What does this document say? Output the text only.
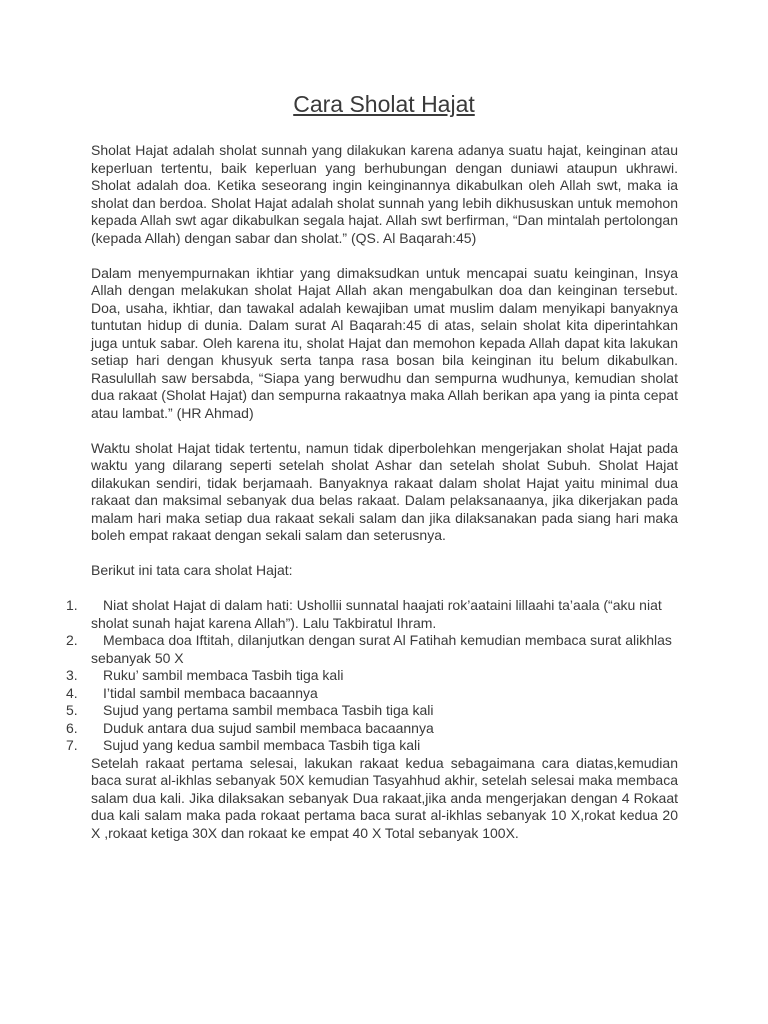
Cara Sholat Hajat

Sholat Hajat adalah sholat sunnah yang dilakukan karena adanya suatu hajat, keinginan atau keperluan tertentu, baik keperluan yang berhubungan dengan duniawi ataupun ukhrawi. Sholat adalah doa. Ketika seseorang ingin keinginannya dikabulkan oleh Allah swt, maka ia sholat dan berdoa. Sholat Hajat adalah sholat sunnah yang lebih dikhususkan untuk memohon kepada Allah swt agar dikabulkan segala hajat. Allah swt berfirman, “Dan mintalah pertolongan (kepada Allah) dengan sabar dan sholat.” (QS. Al Baqarah:45)

Dalam menyempurnakan ikhtiar yang dimaksudkan untuk mencapai suatu keinginan, Insya Allah dengan melakukan sholat Hajat Allah akan mengabulkan doa dan keinginan tersebut. Doa, usaha, ikhtiar, dan tawakal adalah kewajiban umat muslim dalam menyikapi banyaknya tuntutan hidup di dunia. Dalam surat Al Baqarah:45 di atas, selain sholat kita diperintahkan juga untuk sabar. Oleh karena itu, sholat Hajat dan memohon kepada Allah dapat kita lakukan setiap hari dengan khusyuk serta tanpa rasa bosan bila keinginan itu belum dikabulkan. Rasulullah saw bersabda, “Siapa yang berwudhu dan sempurna wudhunya, kemudian sholat dua rakaat (Sholat Hajat) dan sempurna rakaatnya maka Allah berikan apa yang ia pinta cepat atau lambat.” (HR Ahmad)

Waktu sholat Hajat tidak tertentu, namun tidak diperbolehkan mengerjakan sholat Hajat pada waktu yang dilarang seperti setelah sholat Ashar dan setelah sholat Subuh. Sholat Hajat dilakukan sendiri, tidak berjamaah. Banyaknya rakaat dalam sholat Hajat yaitu minimal dua rakaat dan maksimal sebanyak dua belas rakaat. Dalam pelaksanaanya, jika dikerjakan pada malam hari maka setiap dua rakaat sekali salam dan jika dilaksanakan pada siang hari maka boleh empat rakaat dengan sekali salam dan seterusnya.

Berikut ini tata cara sholat Hajat:

1.	Niat sholat Hajat di dalam hati: Ushollii sunnatal haajati rok’aataini lillaahi ta’aala (“aku niat sholat sunah hajat karena Allah”). Lalu Takbiratul Ihram.
2.	Membaca doa Iftitah, dilanjutkan dengan surat Al Fatihah kemudian membaca surat alikhlas sebanyak 50 X
3.	Ruku’ sambil membaca Tasbih tiga kali
4.	I’tidal sambil membaca bacaannya
5.	Sujud yang pertama sambil membaca Tasbih tiga kali
6.	Duduk antara dua sujud sambil membaca bacaannya
7.	Sujud yang kedua sambil membaca Tasbih tiga kali

Setelah rakaat pertama selesai, lakukan rakaat kedua sebagaimana cara diatas,kemudian baca surat al-ikhlas sebanyak 50X kemudian Tasyahhud akhir, setelah selesai maka membaca salam dua kali. Jika dilaksakan sebanyak Dua rakaat,jika anda mengerjakan dengan 4 Rokaat dua kali salam maka pada rokaat pertama baca surat al-ikhlas sebanyak 10 X,rokat kedua 20 X ,rokaat ketiga 30X dan rokaat ke empat 40 X Total sebanyak 100X.
